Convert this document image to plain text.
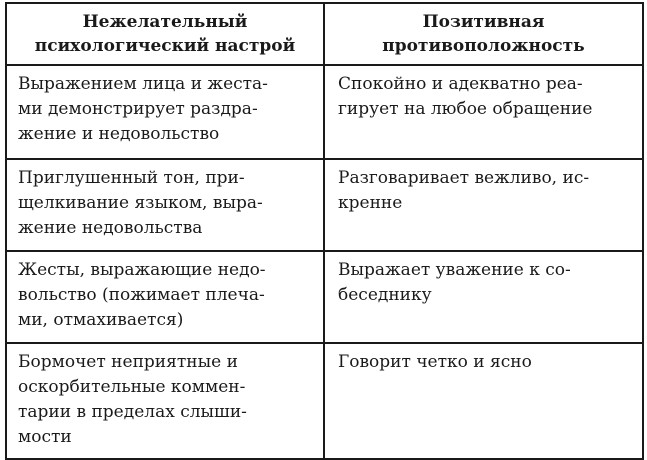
Нежелательный
психологический настрой	Позитивная
противоположность

Выражением лица и жеста-
ми демонстрирует раздра-
жение и недовольство	Спокойно и адекватно реа-
гирует на любое обращение

Приглушенный тон, при-
щелкивание языком, выра-
жение недовольства	Разговаривает вежливо, ис-
кренне

Жесты, выражающие недо-
вольство (пожимает плеча-
ми, отмахивается)	Выражает уважение к со-
беседнику

Бормочет неприятные и
оскорбительные коммен-
тарии в пределах слыши-
мости	Говорит четко и ясно
